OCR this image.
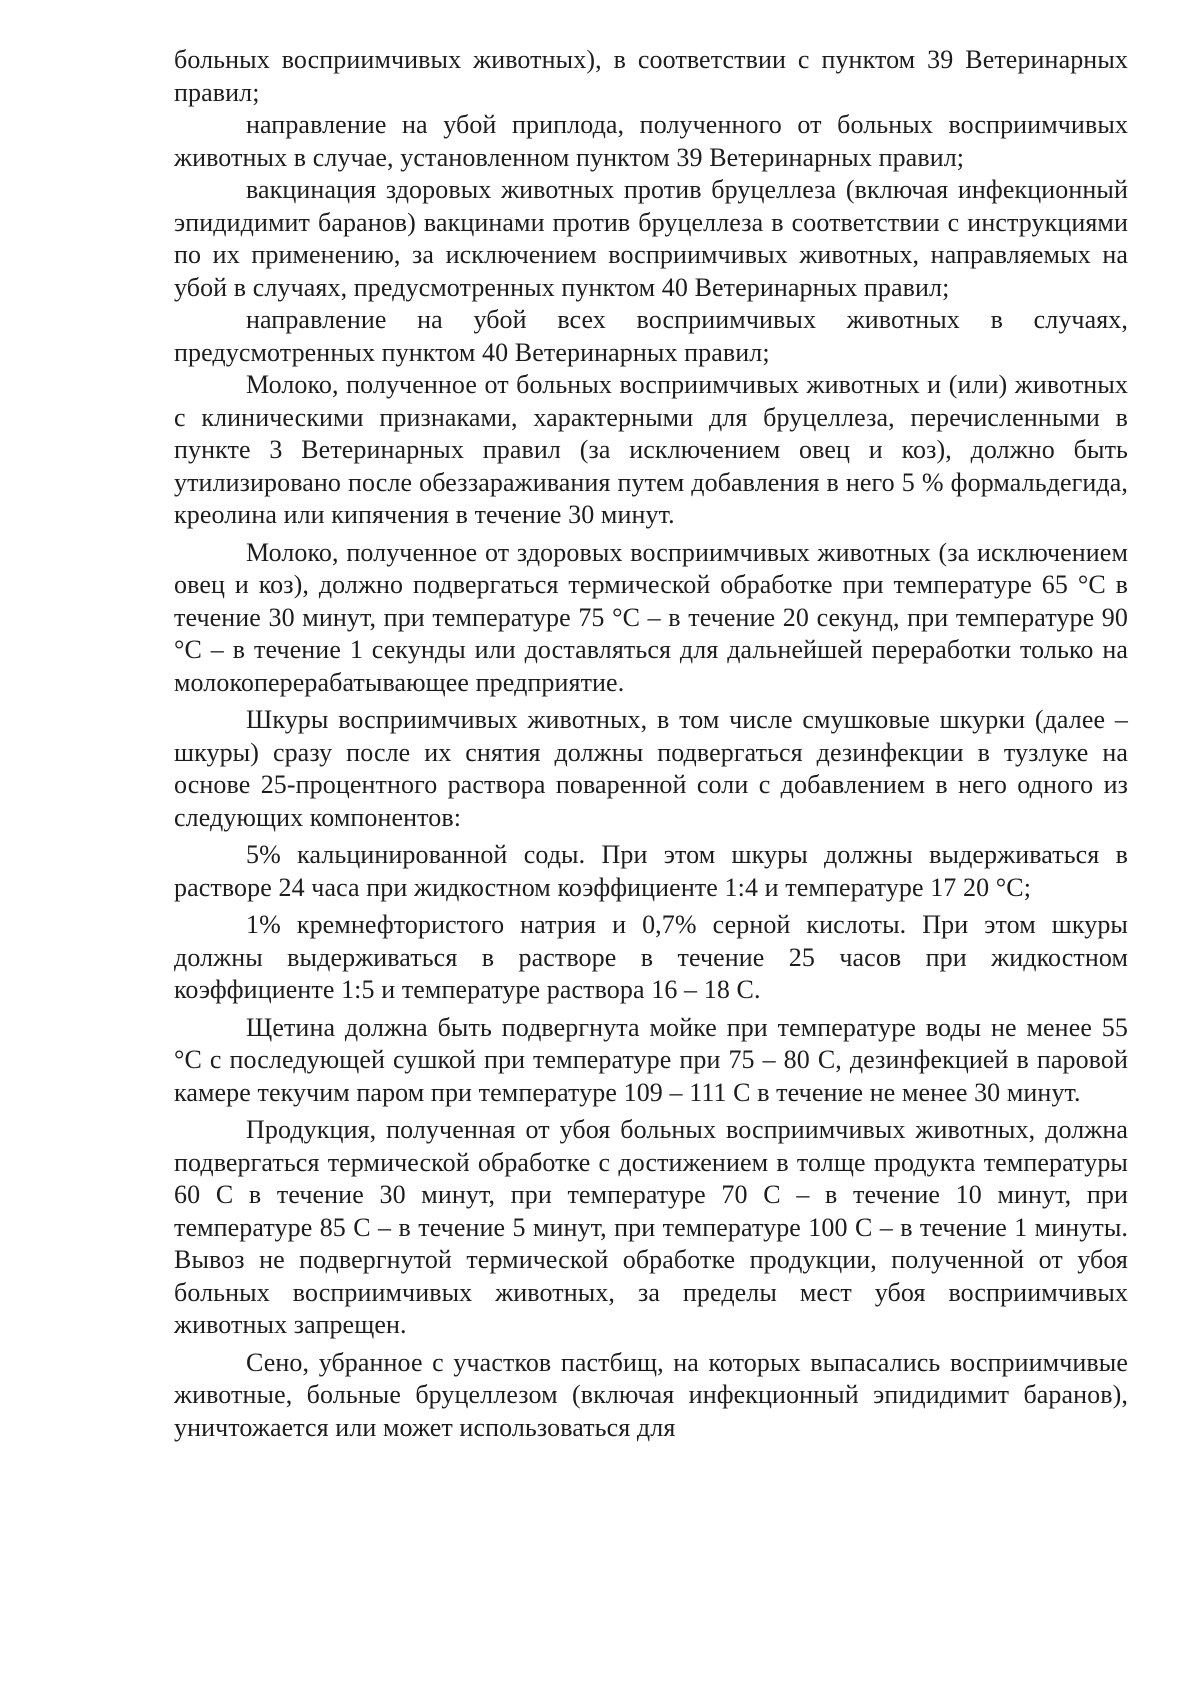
больных восприимчивых животных), в соответствии с пунктом 39 Ветеринарных правил;

направление на убой приплода, полученного от больных восприимчивых животных в случае, установленном пунктом 39 Ветеринарных правил;

вакцинация здоровых животных против бруцеллеза (включая инфекционный эпидидимит баранов) вакцинами против бруцеллеза в соответствии с инструкциями по их применению, за исключением восприимчивых животных, направляемых на убой в случаях, предусмотренных пунктом 40 Ветеринарных правил;

направление на убой всех восприимчивых животных в случаях, предусмотренных пунктом 40 Ветеринарных правил;

Молоко, полученное от больных восприимчивых животных и (или) животных с клиническими признаками, характерными для бруцеллеза, перечисленными в пункте 3 Ветеринарных правил (за исключением овец и коз), должно быть утилизировано после обеззараживания путем добавления в него 5 % формальдегида, креолина или кипячения в течение 30 минут.

Молоко, полученное от здоровых восприимчивых животных (за исключением овец и коз), должно подвергаться термической обработке при температуре 65 °С в течение 30 минут, при температуре 75 °С – в течение 20 секунд, при температуре 90 °С – в течение 1 секунды или доставляться для дальнейшей переработки только на молокоперерабатывающее предприятие.

Шкуры восприимчивых животных, в том числе смушковые шкурки (далее – шкуры) сразу после их снятия должны подвергаться дезинфекции в тузлуке на основе 25-процентного раствора поваренной соли с добавлением в него одного из следующих компонентов:

5% кальцинированной соды. При этом шкуры должны выдерживаться в растворе 24 часа при жидкостном коэффициенте 1:4 и температуре 17 20 °С;

1% кремнефтористого натрия и 0,7% серной кислоты. При этом шкуры должны выдерживаться в растворе в течение 25 часов при жидкостном коэффициенте 1:5 и температуре раствора 16 – 18 С.

Щетина должна быть подвергнута мойке при температуре воды не менее 55 °С с последующей сушкой при температуре при 75 – 80 С, дезинфекцией в паровой камере текучим паром при температуре 109 – 111 С в течение не менее 30 минут.

Продукция, полученная от убоя больных восприимчивых животных, должна подвергаться термической обработке с достижением в толще продукта температуры 60 С в течение 30 минут, при температуре 70 С – в течение 10 минут, при температуре 85 С – в течение 5 минут, при температуре 100 С – в течение 1 минуты. Вывоз не подвергнутой термической обработке продукции, полученной от убоя больных восприимчивых животных, за пределы мест убоя восприимчивых животных запрещен.

Сено, убранное с участков пастбищ, на которых выпасались восприимчивые животные, больные бруцеллезом (включая инфекционный эпидидимит баранов), уничтожается или может использоваться для
